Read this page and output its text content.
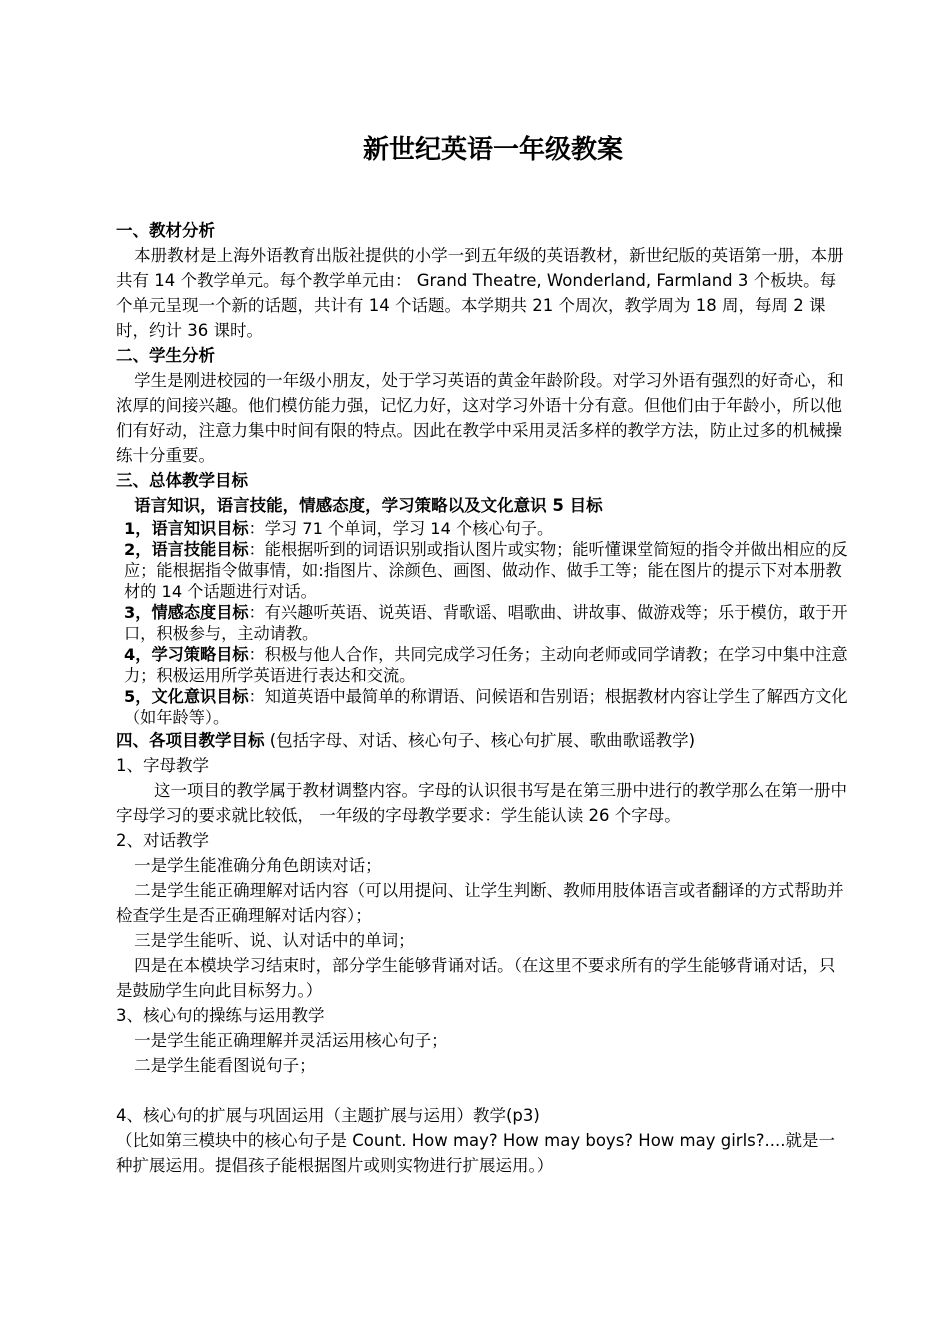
新世纪英语一年级教案

一、教材分析

本册教材是上海外语教育出版社提供的小学一到五年级的英语教材，新世纪版的英语第一册，本册共有 14 个教学单元。每个教学单元由： Grand Theatre, Wonderland, Farmland 3 个板块。每个单元呈现一个新的话题，共计有 14 个话题。本学期共 21 个周次，教学周为 18 周，每周 2 课时，约计 36 课时。

二、学生分析

学生是刚进校园的一年级小朋友，处于学习英语的黄金年龄阶段。对学习外语有强烈的好奇心，和浓厚的间接兴趣。他们模仿能力强，记忆力好，这对学习外语十分有意。但他们由于年龄小，所以他们有好动，注意力集中时间有限的特点。因此在教学中采用灵活多样的教学方法，防止过多的机械操练十分重要。

三、总体教学目标

语言知识，语言技能，情感态度，学习策略以及文化意识 5 目标

1，语言知识目标：学习 71 个单词，学习 14 个核心句子。

2，语言技能目标：能根据听到的词语识别或指认图片或实物；能听懂课堂简短的指令并做出相应的反应；能根据指令做事情，如:指图片、涂颜色、画图、做动作、做手工等；能在图片的提示下对本册教材的 14 个话题进行对话。

3，情感态度目标：有兴趣听英语、说英语、背歌谣、唱歌曲、讲故事、做游戏等；乐于模仿，敢于开口，积极参与，主动请教。

4，学习策略目标：积极与他人合作，共同完成学习任务；主动向老师或同学请教；在学习中集中注意力；积极运用所学英语进行表达和交流。

5，文化意识目标：知道英语中最简单的称谓语、问候语和告别语；根据教材内容让学生了解西方文化（如年龄等）。

四、各项目教学目标 (包括字母、对话、核心句子、核心句扩展、歌曲歌谣教学)

1、字母教学

这一项目的教学属于教材调整内容。字母的认识很书写是在第三册中进行的教学那么在第一册中字母学习的要求就比较低， 一年级的字母教学要求：学生能认读 26 个字母。

2、对话教学

一是学生能准确分角色朗读对话；

二是学生能正确理解对话内容（可以用提问、让学生判断、教师用肢体语言或者翻译的方式帮助并检查学生是否正确理解对话内容）；

三是学生能听、说、认对话中的单词；

四是在本模块学习结束时，部分学生能够背诵对话。（在这里不要求所有的学生能够背诵对话，只是鼓励学生向此目标努力。）

3、核心句的操练与运用教学

一是学生能正确理解并灵活运用核心句子；

二是学生能看图说句子；

4、核心句的扩展与巩固运用（主题扩展与运用）教学(p3)

（比如第三模块中的核心句子是 Count. How may? How may boys? How may girls?....就是一种扩展运用。提倡孩子能根据图片或则实物进行扩展运用。）
